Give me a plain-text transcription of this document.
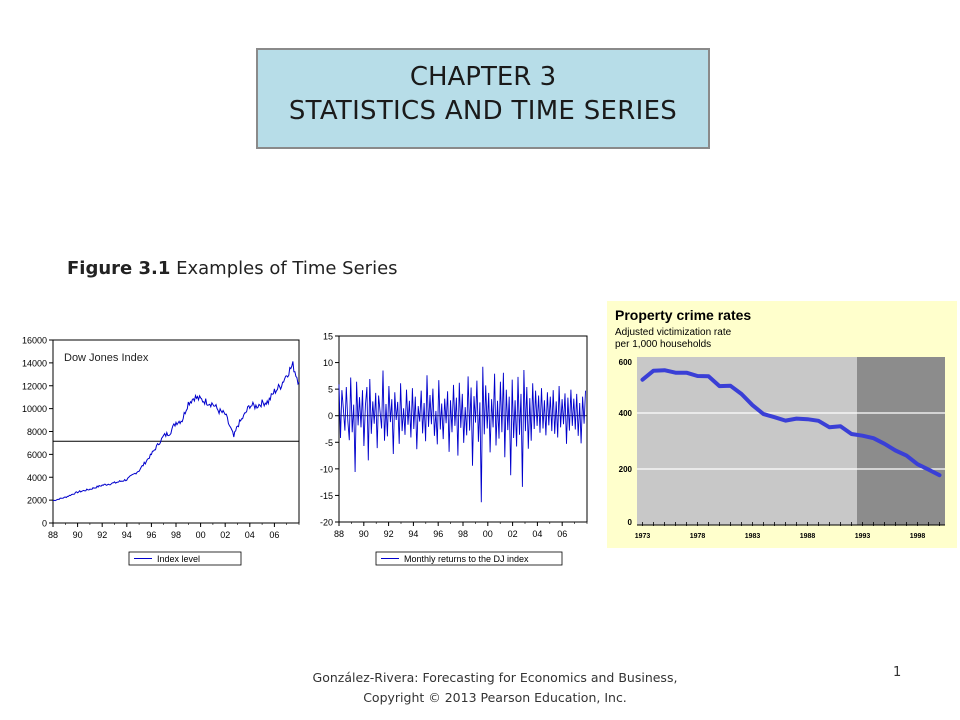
CHAPTER 3
STATISTICS AND TIME SERIES
Figure 3.1 Examples of Time Series
0
2000
4000
6000
8000
10000
12000
14000
16000
88 90 92 94 96 98 00 02 04 06
Dow Jones Index
Index level
15
10
5
0
-5
-10
-15
-20
88 90 92 94 96 98 00 02 04 06
Monthly returns to the DJ index
Property crime rates
Adjusted victimization rate
per 1,000 households
0
200
400
600
1973	1978	1983	1988	1993	1998
1
González-Rivera: Forecasting for Economics and Business,
Copyright © 2013 Pearson Education, Inc.
